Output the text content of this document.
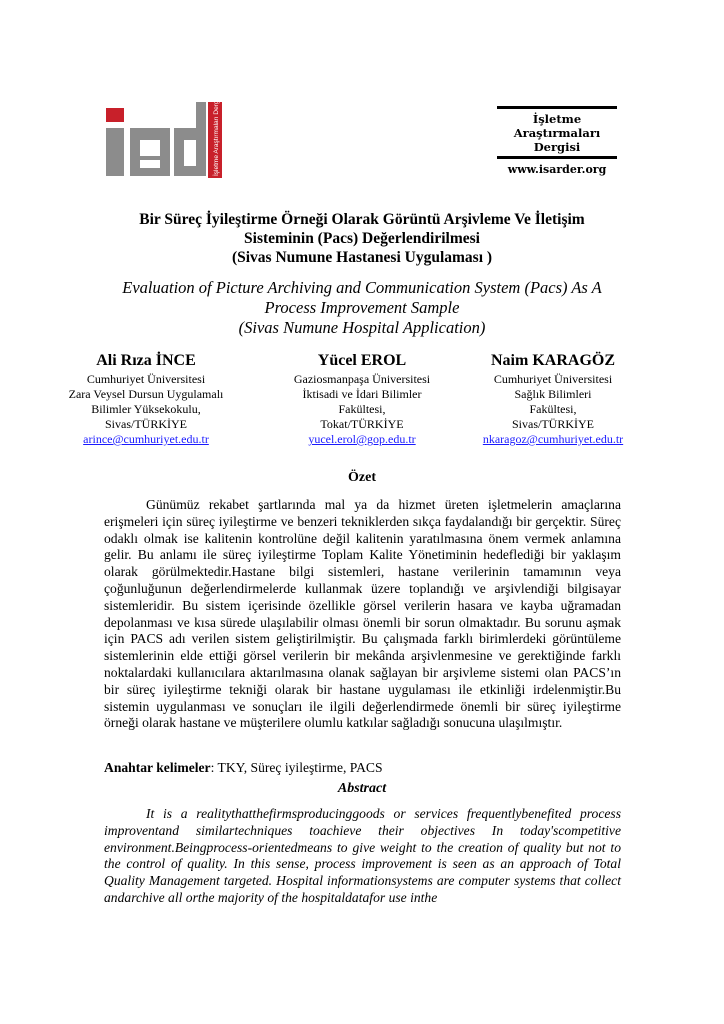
İşletme Araştırmaları Dergisi	İşletme
Araştırmaları
Dergisi
www.isarder.org
Bir Süreç İyileştirme Örneği Olarak Görüntü Arşivleme Ve İletişim
Sisteminin (Pacs) Değerlendirilmesi
(Sivas Numune Hastanesi Uygulaması )
Evaluation of Picture Archiving and Communication System (Pacs) As A
Process Improvement Sample
(Sivas Numune Hospital Application)
Ali Rıza İNCE
Cumhuriyet Üniversitesi
Zara Veysel Dursun Uygulamalı
Bilimler Yüksekokulu,
Sivas/TÜRKİYE
arince@cumhuriyet.edu.tr
Yücel EROL
Gaziosmanpaşa Üniversitesi
İktisadi ve İdari Bilimler
Fakültesi,
Tokat/TÜRKİYE
yucel.erol@gop.edu.tr
Naim KARAGÖZ
Cumhuriyet Üniversitesi
Sağlık Bilimleri
Fakültesi,
Sivas/TÜRKİYE
nkaragoz@cumhuriyet.edu.tr
Özet
Günümüz rekabet şartlarında mal ya da hizmet üreten işletmelerin amaçlarına erişmeleri için süreç iyileştirme ve benzeri tekniklerden sıkça faydalandığı bir gerçektir. Süreç odaklı olmak ise kalitenin kontrolüne değil kalitenin yaratılmasına önem vermek anlamına gelir. Bu anlamı ile süreç iyileştirme Toplam Kalite Yönetiminin hedeflediği bir yaklaşım olarak görülmektedir.Hastane bilgi sistemleri, hastane verilerinin tamamının veya çoğunluğunun değerlendirmelerde kullanmak üzere toplandığı ve arşivlendiği bilgisayar sistemleridir. Bu sistem içerisinde özellikle görsel verilerin hasara ve kayba uğramadan depolanması ve kısa sürede ulaşılabilir olması önemli bir sorun olmaktadır. Bu sorunu aşmak için PACS adı verilen sistem geliştirilmiştir. Bu çalışmada farklı birimlerdeki görüntüleme sistemlerinin elde ettiği görsel verilerin bir mekânda arşivlenmesine ve gerektiğinde farklı noktalardaki kullanıcılara aktarılmasına olanak sağlayan bir arşivleme sistemi olan PACS’ın bir süreç iyileştirme tekniği olarak bir hastane uygulaması ile etkinliği irdelenmiştir.Bu sistemin uygulanması ve sonuçları ile ilgili değerlendirmede önemli bir süreç iyileştirme örneği olarak hastane ve müşterilere olumlu katkılar sağladığı sonucuna ulaşılmıştır.
Anahtar kelimeler: TKY, Süreç iyileştirme, PACS
Abstract
It is a realitythatthefirmsproducinggoods or services frequentlybenefited process improventand similartechniques toachieve their objectives In today'scompetitive environment.Beingprocess-orientedmeans to give weight to the creation of quality but not to the control of quality. In this sense, process improvement is seen as an approach of Total Quality Management targeted. Hospital informationsystems are computer systems that collect andarchive all orthe majority of the hospitaldatafor use inthe
